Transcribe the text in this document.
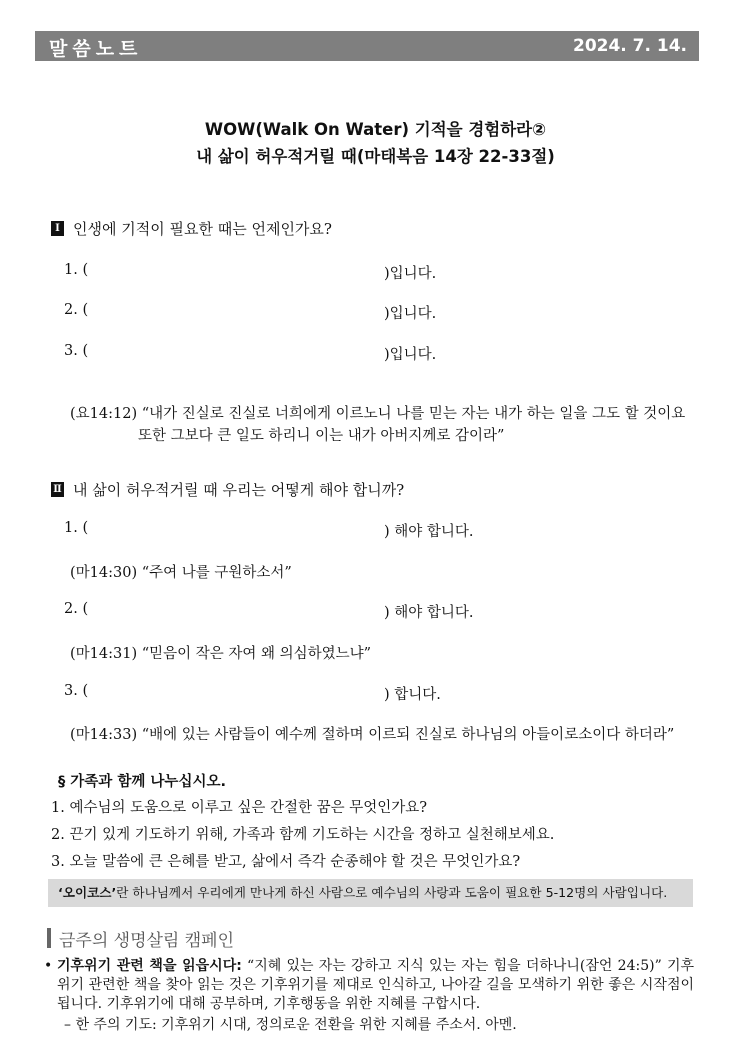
말씀노트	2024. 7. 14.
WOW(Walk On Water) 기적을 경험하라②
내 삶이 허우적거릴 때(마태복음 14장 22-33절)
Ⅰ 인생에 기적이 필요한 때는 언제인가요?
1. (	)입니다.
2. (	)입니다.
3. (	)입니다.
(요14:12) “내가 진실로 진실로 너희에게 이르노니 나를 믿는 자는 내가 하는 일을 그도 할 것이요
또한 그보다 큰 일도 하리니 이는 내가 아버지께로 감이라”
Ⅱ 내 삶이 허우적거릴 때 우리는 어떻게 해야 합니까?
1. (	) 해야 합니다.
(마14:30) “주여 나를 구원하소서”
2. (	) 해야 합니다.
(마14:31) “믿음이 작은 자여 왜 의심하였느냐”
3. (	) 합니다.
(마14:33) “배에 있는 사람들이 예수께 절하며 이르되 진실로 하나님의 아들이로소이다 하더라”
§ 가족과 함께 나누십시오.
1. 예수님의 도움으로 이루고 싶은 간절한 꿈은 무엇인가요?
2. 끈기 있게 기도하기 위해, 가족과 함께 기도하는 시간을 정하고 실천해보세요.
3. 오늘 말씀에 큰 은혜를 받고, 삶에서 즉각 순종해야 할 것은 무엇인가요?
‘오이코스’란 하나님께서 우리에게 만나게 하신 사람으로 예수님의 사랑과 도움이 필요한 5-12명의 사람입니다.
금주의 생명살림 캠페인
• 기후위기 관련 책을 읽읍시다: “지혜 있는 자는 강하고 지식 있는 자는 힘을 더하나니(잠언 24:5)” 기후위기 관련한 책을 찾아 읽는 것은 기후위기를 제대로 인식하고, 나아갈 길을 모색하기 위한 좋은 시작점이 됩니다. 기후위기에 대해 공부하며, 기후행동을 위한 지혜를 구합시다.
– 한 주의 기도: 기후위기 시대, 정의로운 전환을 위한 지혜를 주소서. 아멘.
